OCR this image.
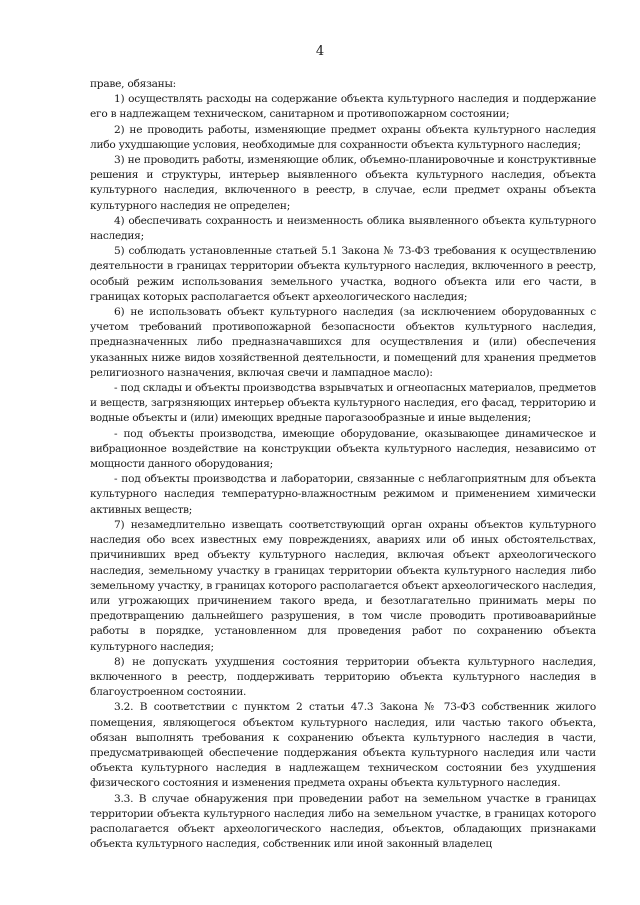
4

праве, обязаны:

1) осуществлять расходы на содержание объекта культурного наследия и поддержание его в надлежащем техническом, санитарном и противопожарном состоянии;

2) не проводить работы, изменяющие предмет охраны объекта культурного наследия либо ухудшающие условия, необходимые для сохранности объекта культурного наследия;

3) не проводить работы, изменяющие облик, объемно-планировочные и конструктивные решения и структуры, интерьер выявленного объекта культурного наследия, объекта культурного наследия, включенного в реестр, в случае, если предмет охраны объекта культурного наследия не определен;

4) обеспечивать сохранность и неизменность облика выявленного объекта культурного наследия;

5) соблюдать установленные статьей 5.1 Закона № 73-ФЗ требования к осуществлению деятельности в границах территории объекта культурного наследия, включенного в реестр, особый режим использования земельного участка, водного объекта или его части, в границах которых располагается объект археологического наследия;

6) не использовать объект культурного наследия (за исключением оборудованных с учетом требований противопожарной безопасности объектов культурного наследия, предназначенных либо предназначавшихся для осуществления и (или) обеспечения указанных ниже видов хозяйственной деятельности, и помещений для хранения предметов религиозного назначения, включая свечи и лампадное масло):

- под склады и объекты производства взрывчатых и огнеопасных материалов, предметов и веществ, загрязняющих интерьер объекта культурного наследия, его фасад, территорию и водные объекты и (или) имеющих вредные парогазообразные и иные выделения;

- под объекты производства, имеющие оборудование, оказывающее динамическое и вибрационное воздействие на конструкции объекта культурного наследия, независимо от мощности данного оборудования;

- под объекты производства и лаборатории, связанные с неблагоприятным для объекта культурного наследия температурно-влажностным режимом и применением химически активных веществ;

7) незамедлительно извещать соответствующий орган охраны объектов культурного наследия обо всех известных ему повреждениях, авариях или об иных обстоятельствах, причинивших вред объекту культурного наследия, включая объект археологического наследия, земельному участку в границах территории объекта культурного наследия либо земельному участку, в границах которого располагается объект археологического наследия, или угрожающих причинением такого вреда, и безотлагательно принимать меры по предотвращению дальнейшего разрушения, в том числе проводить противоаварийные работы в порядке, установленном для проведения работ по сохранению объекта культурного наследия;

8) не допускать ухудшения состояния территории объекта культурного наследия, включенного в реестр, поддерживать территорию объекта культурного наследия в благоустроенном состоянии.

3.2. В соответствии с пунктом 2 статьи 47.3 Закона № 73-ФЗ собственник жилого помещения, являющегося объектом культурного наследия, или частью такого объекта, обязан выполнять требования к сохранению объекта культурного наследия в части, предусматривающей обеспечение поддержания объекта культурного наследия или части объекта культурного наследия в надлежащем техническом состоянии без ухудшения физического состояния и изменения предмета охраны объекта культурного наследия.

3.3. В случае обнаружения при проведении работ на земельном участке в границах территории объекта культурного наследия либо на земельном участке, в границах которого располагается объект археологического наследия, объектов, обладающих признаками объекта культурного наследия, собственник или иной законный владелец
